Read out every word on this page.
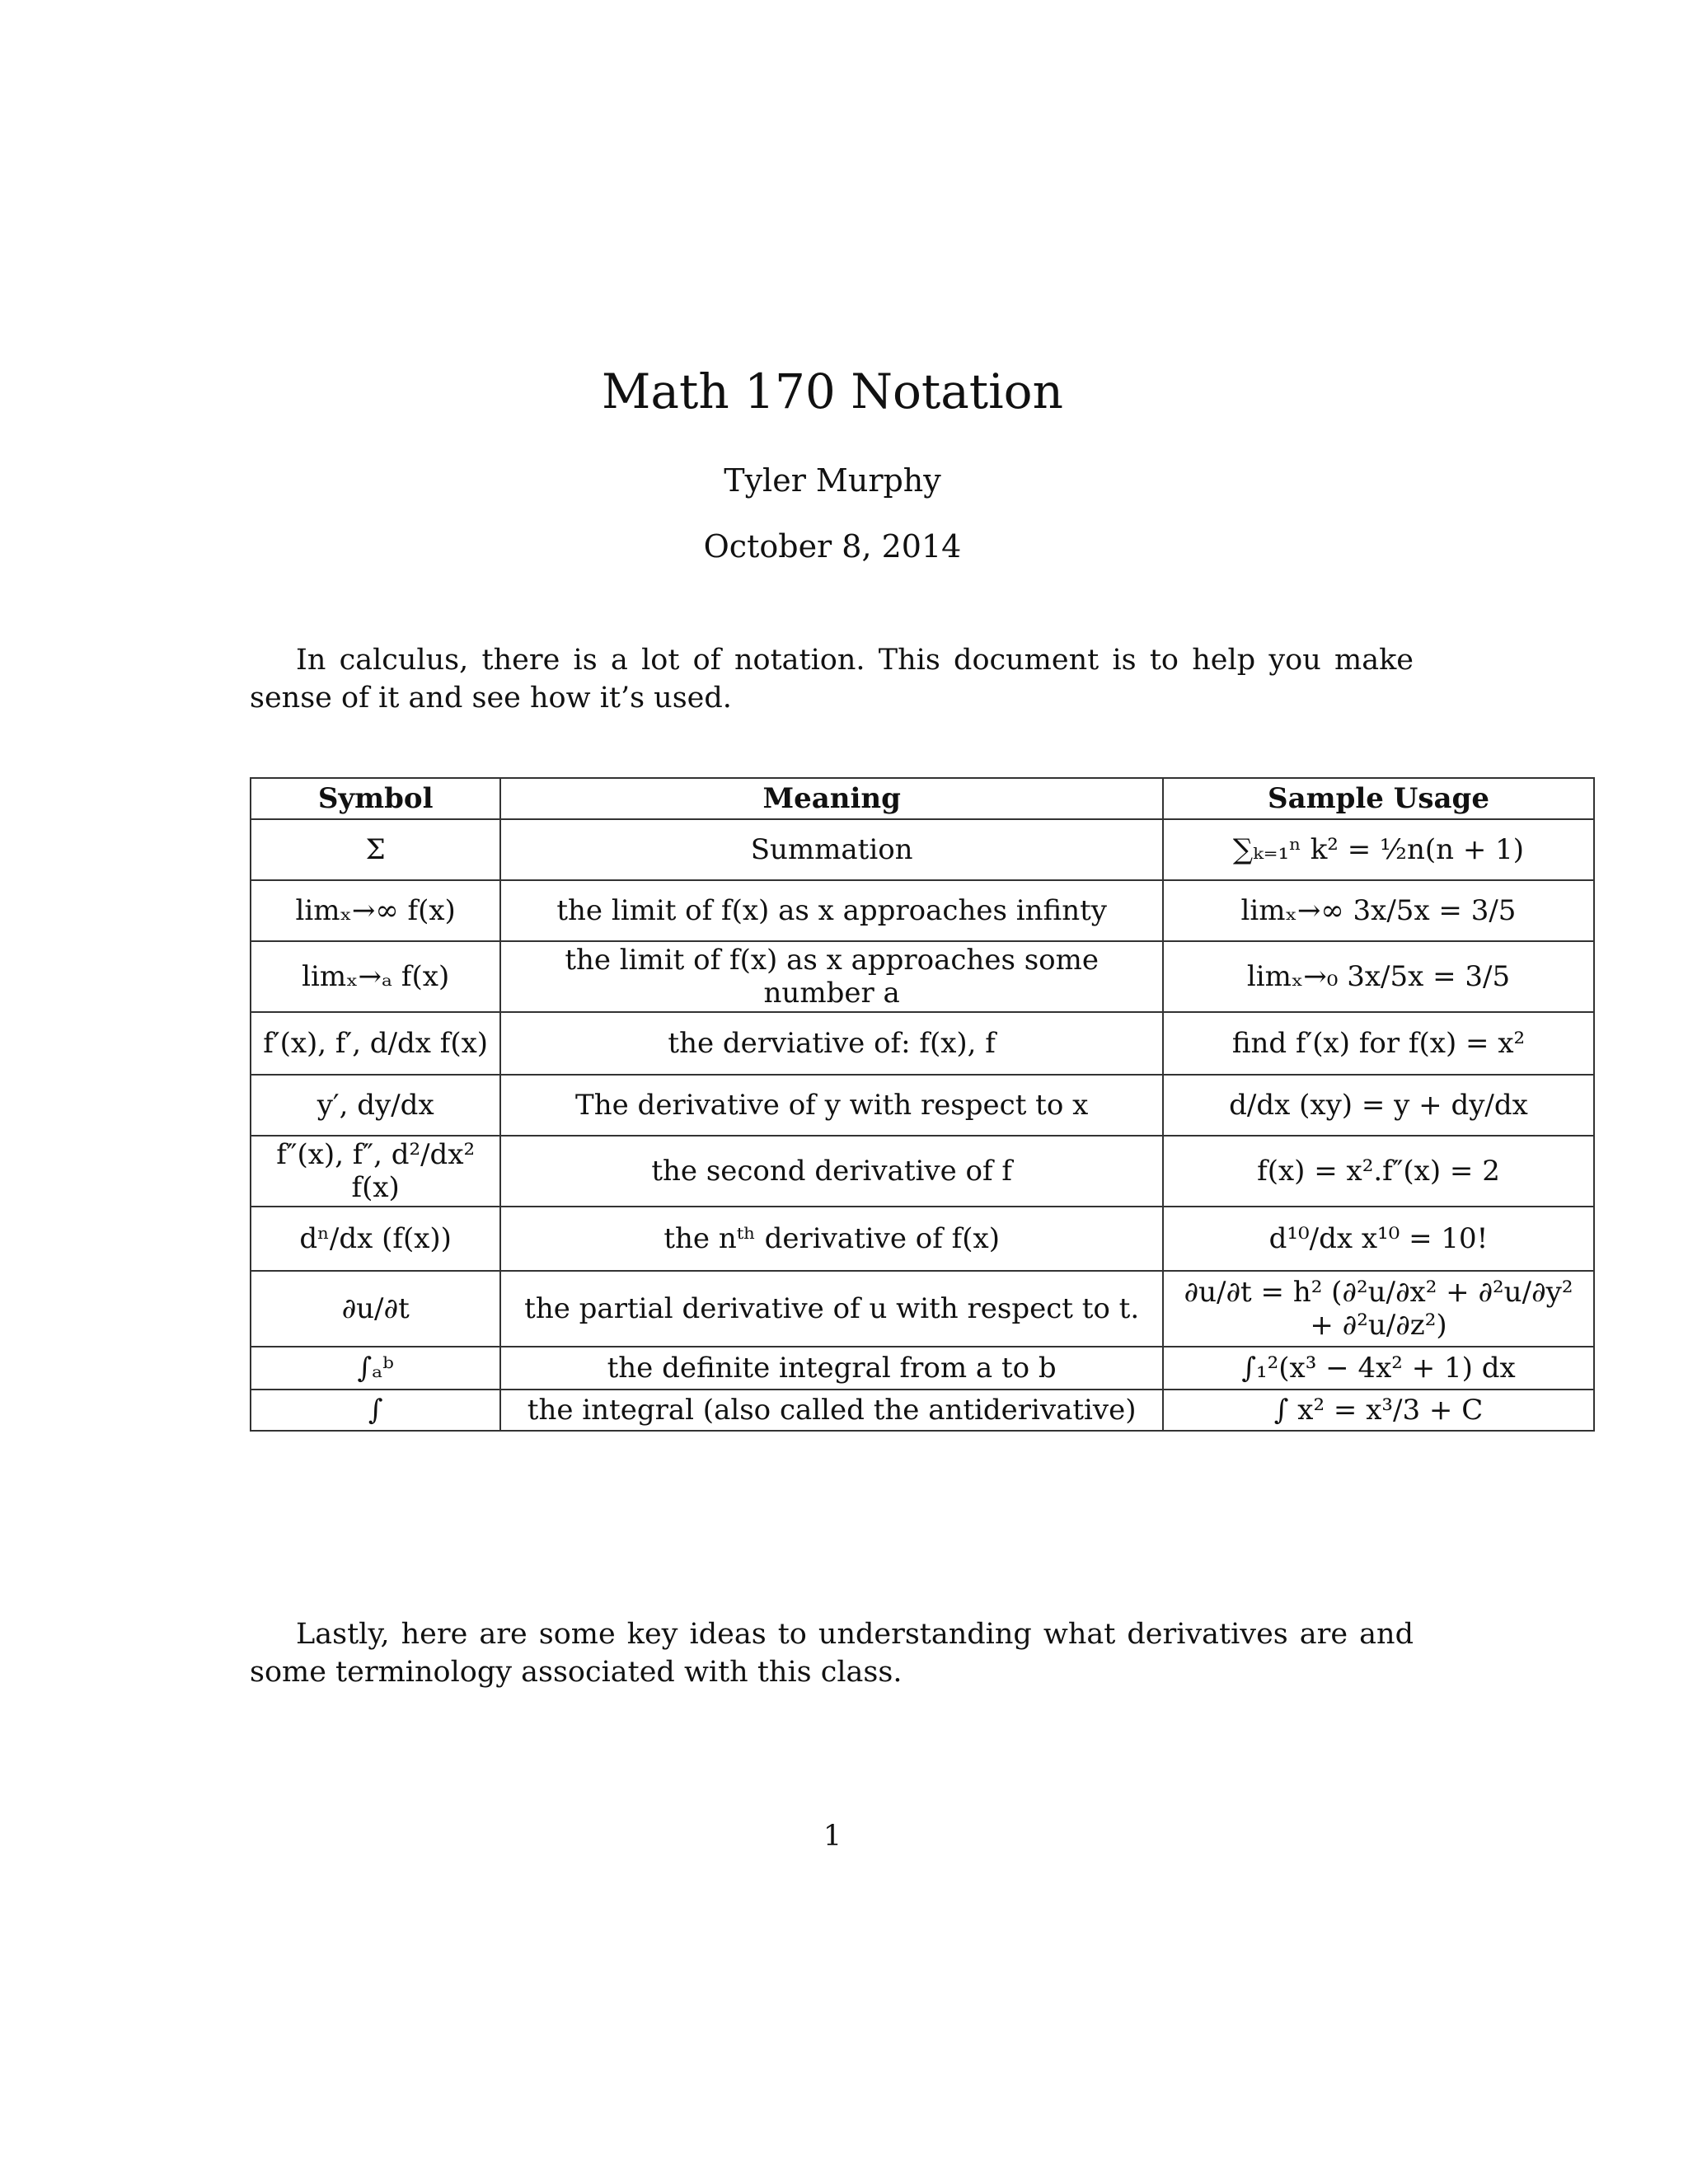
Math 170 Notation
Tyler Murphy
October 8, 2014

In calculus, there is a lot of notation. This document is to help you make sense of it and see how it’s used.

Symbol	Meaning	Sample Usage
Σ	Summation	∑ₖ₌₁ⁿ k² = ½n(n + 1)
limₓ→∞ f(x)	the limit of f(x) as x approaches infinty	limₓ→∞ 3x/5x = 3/5
limₓ→ₐ f(x)	the limit of f(x) as x approaches some number a	limₓ→₀ 3x/5x = 3/5
f′(x), f′, d/dx f(x)	the derviative of: f(x), f	find f′(x) for f(x) = x²
y′, dy/dx	The derivative of y with respect to x	d/dx (xy) = y + dy/dx
f″(x), f″, d²/dx² f(x)	the second derivative of f	f(x) = x².f″(x) = 2
dⁿ/dx (f(x))	the nᵗʰ derivative of f(x)	d¹⁰/dx x¹⁰ = 10!
∂u/∂t	the partial derivative of u with respect to t.	∂u/∂t = h² (∂²u/∂x² + ∂²u/∂y² + ∂²u/∂z²)
∫ₐᵇ	the definite integral from a to b	∫₁²(x³ − 4x² + 1) dx
∫	the integral (also called the antiderivative)	∫ x² = x³/3 + C

Lastly, here are some key ideas to understanding what derivatives are and some terminology associated with this class.

1
